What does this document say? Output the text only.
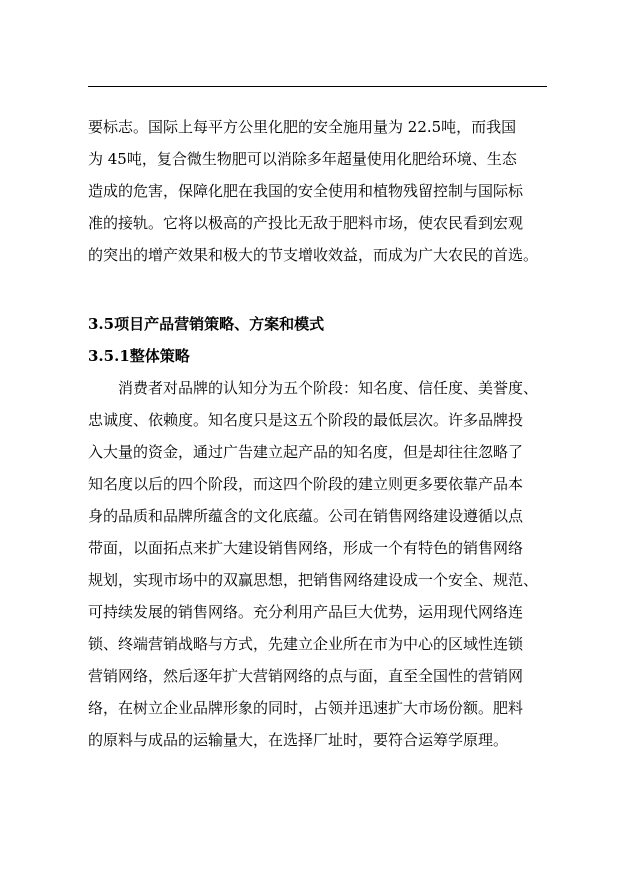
要标志。国际上每平方公里化肥的安全施用量为 22.5吨，而我国
为 45吨，复合微生物肥可以消除多年超量使用化肥给环境、生态
造成的危害，保障化肥在我国的安全使用和植物残留控制与国际标
准的接轨。它将以极高的产投比无敌于肥料市场，使农民看到宏观
的突出的增产效果和极大的节支增收效益，而成为广大农民的首选。
3.5项目产品营销策略、方案和模式
3.5.1整体策略
消费者对品牌的认知分为五个阶段：知名度、信任度、美誉度、
忠诚度、依赖度。知名度只是这五个阶段的最低层次。许多品牌投
入大量的资金，通过广告建立起产品的知名度，但是却往往忽略了
知名度以后的四个阶段，而这四个阶段的建立则更多要依靠产品本
身的品质和品牌所蕴含的文化底蕴。公司在销售网络建设遵循以点
带面，以面拓点来扩大建设销售网络，形成一个有特色的销售网络
规划，实现市场中的双赢思想，把销售网络建设成一个安全、规范、
可持续发展的销售网络。充分利用产品巨大优势，运用现代网络连
锁、终端营销战略与方式，先建立企业所在市为中心的区域性连锁
营销网络，然后逐年扩大营销网络的点与面，直至全国性的营销网
络，在树立企业品牌形象的同时，占领并迅速扩大市场份额。肥料
的原料与成品的运输量大，在选择厂址时，要符合运筹学原理。
